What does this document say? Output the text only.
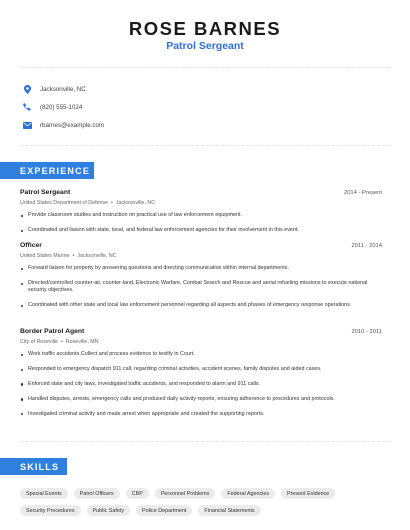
ROSE BARNES
Patrol Sergeant
Jacksonville, NC
(820) 555-1024
rbarnes@example.com
EXPERIENCE
Patrol Sergeant	2014 - Present
United States Department of Defense • Jacksonville, NC
Provide classroom studies and instruction on practical use of law enforcement equipment.
Coordinated and liaison with state, local, and federal law enforcement agencies for their involvement in this event.
Officer	2011 - 2014
United States Marine • Jacksonville, NC
Forward liaison for property by answering questions and directing communication within internal departments.
Directed/controlled counter-air, counter-land, Electronic Warfare, Combat Search and Rescue and aerial refueling missions to execute national security objectives.
Coordinated with other state and local law enforcement personnel regarding all aspects and phases of emergency response operations.
Border Patrol Agent	2010 - 2011
City of Roseville • Roseville, MN
Work traffic accidents.Collect and process evidence to testify in Court.
Responded to emergency dispatch 911 call, regarding criminal activities, accident scenes, family disputes and aided cases.
Enforced state and city laws, investigated traffic accidents, and responded to alarm and 911 calls.
Handled disputes, arrests, emergency calls and produced daily activity reports, ensuring adherence to procedures and protocols.
Investigated criminal activity and made arrest when appropriate and created the supporting reports.
SKILLS
Special Events	Patrol Officers	CBP	Personnel Problems	Federal Agencies	Present Evidence
Security Procedures	Public Safety	Police Department	Financial Statements
